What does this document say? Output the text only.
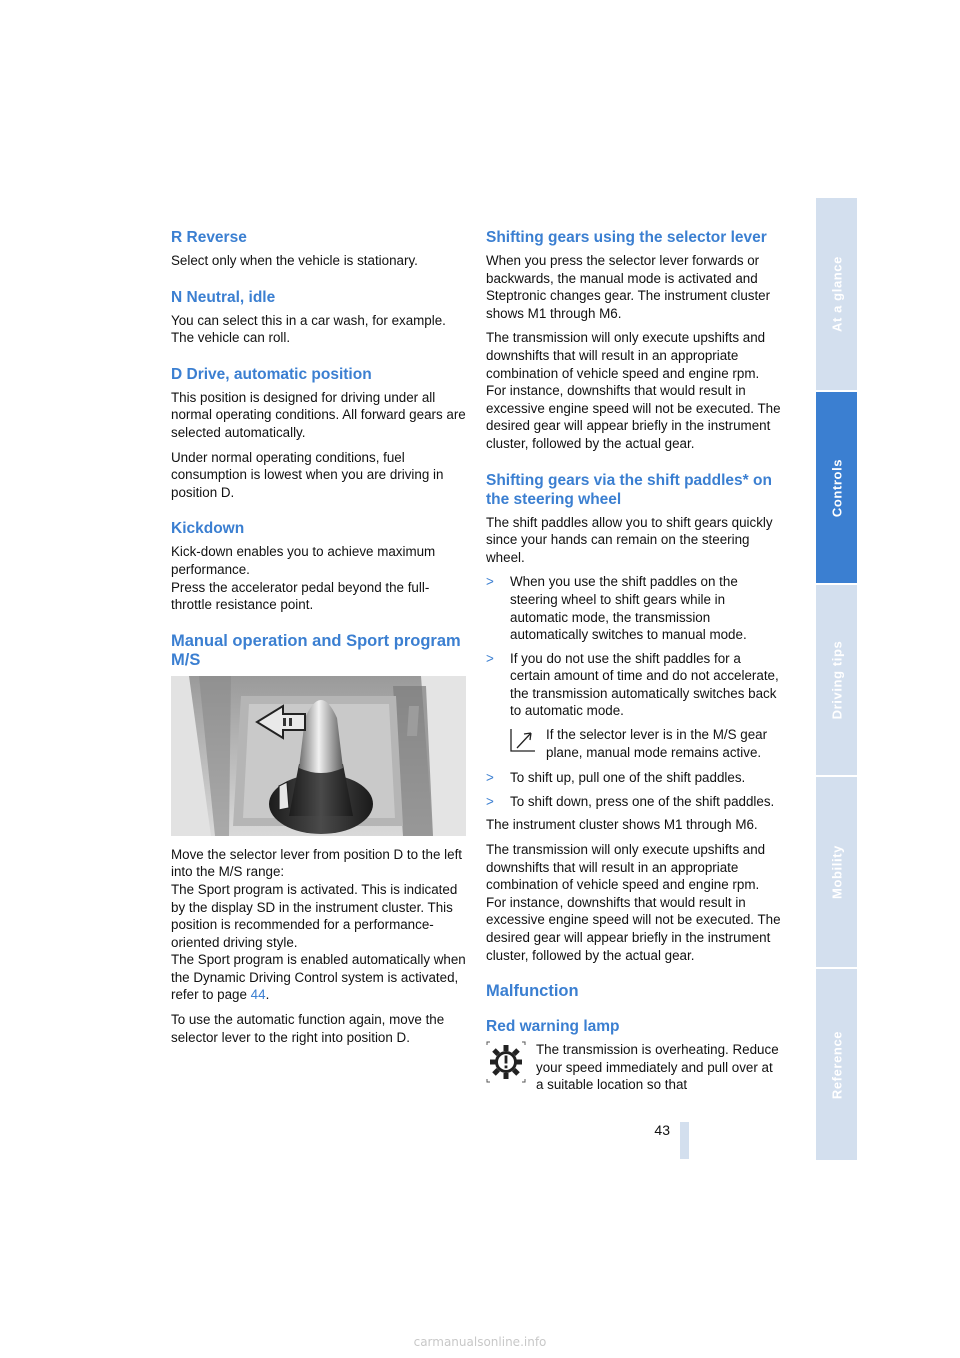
R Reverse

Select only when the vehicle is stationary.

N Neutral, idle

You can select this in a car wash, for example. The vehicle can roll.

D Drive, automatic position

This position is designed for driving under all normal operating conditions. All forward gears are selected automatically.

Under normal operating conditions, fuel consumption is lowest when you are driving in position D.

Kickdown

Kick-down enables you to achieve maximum performance.
Press the accelerator pedal beyond the full-throttle resistance point.

Manual operation and Sport program M/S

Move the selector lever from position D to the left into the M/S range:
The Sport program is activated. This is indicated by the display SD in the instrument cluster. This position is recommended for a performance-oriented driving style.
The Sport program is enabled automatically when the Dynamic Driving Control system is activated, refer to page 44.

To use the automatic function again, move the selector lever to the right into position D.

Shifting gears using the selector lever

When you press the selector lever forwards or backwards, the manual mode is activated and Steptronic changes gear. The instrument cluster shows M1 through M6.

The transmission will only execute upshifts and downshifts that will result in an appropriate combination of vehicle speed and engine rpm. For instance, downshifts that would result in excessive engine speed will not be executed. The desired gear will appear briefly in the instrument cluster, followed by the actual gear.

Shifting gears via the shift paddles* on the steering wheel

The shift paddles allow you to shift gears quickly since your hands can remain on the steering wheel.

> When you use the shift paddles on the steering wheel to shift gears while in automatic mode, the transmission automatically switches to manual mode.
> If you do not use the shift paddles for a certain amount of time and do not accelerate, the transmission automatically switches back to automatic mode.
If the selector lever is in the M/S gear plane, manual mode remains active.
> To shift up, pull one of the shift paddles.
> To shift down, press one of the shift paddles.

The instrument cluster shows M1 through M6.

The transmission will only execute upshifts and downshifts that will result in an appropriate combination of vehicle speed and engine rpm. For instance, downshifts that would result in excessive engine speed will not be executed. The desired gear will appear briefly in the instrument cluster, followed by the actual gear.

Malfunction
Red warning lamp
The transmission is overheating. Reduce your speed immediately and pull over at a suitable location so that
At a glance
Controls
Driving tips
Mobility
Reference
43
carmanualsonline.info
